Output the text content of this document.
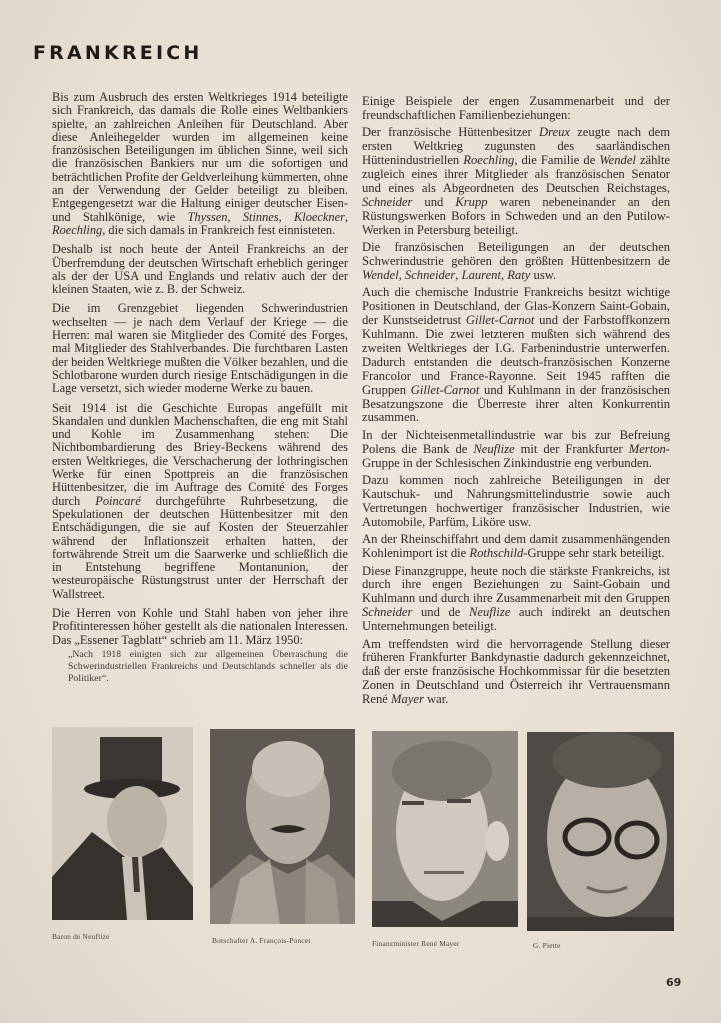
FRANKREICH

Bis zum Ausbruch des ersten Weltkrieges 1914 beteiligte sich Frankreich, das damals die Rolle eines Weltbankiers spielte, an zahlreichen Anleihen für Deutschland. Aber diese Anleihegelder wurden im allgemeinen keine französischen Beteiligungen im üblichen Sinne, weil sich die französischen Bankiers nur um die sofortigen und beträchtlichen Profite der Geldverleihung kümmerten, ohne an der Verwendung der Gelder beteiligt zu bleiben. Entgegengesetzt war die Haltung einiger deutscher Eisen- und Stahlkönige, wie Thyssen, Stinnes, Kloeckner, Roechling, die sich damals in Frankreich fest einnisteten.

Deshalb ist noch heute der Anteil Frankreichs an der Überfremdung der deutschen Wirtschaft erheblich geringer als der der USA und Englands und relativ auch der der kleinen Staaten, wie z. B. der Schweiz.

Die im Grenzgebiet liegenden Schwerindustrien wechselten — je nach dem Verlauf der Kriege — die Herren: mal waren sie Mitglieder des Comité des Forges, mal Mitglieder des Stahlverbandes. Die furchtbaren Lasten der beiden Weltkriege mußten die Völker bezahlen, und die Schlotbarone wurden durch riesige Entschädigungen in die Lage versetzt, sich wieder moderne Werke zu bauen.

Seit 1914 ist die Geschichte Europas angefüllt mit Skandalen und dunklen Machenschaften, die eng mit Stahl und Kohle im Zusammenhang stehen: Die Nichtbombardierung des Briey-Beckens während des ersten Weltkrieges, die Verschacherung der lothringischen Werke für einen Spottpreis an die französischen Hüttenbesitzer, die im Auftrage des Comité des Forges durch Poincaré durchgeführte Ruhrbesetzung, die Spekulationen der deutschen Hüttenbesitzer mit den Entschädigungen, die sie auf Kosten der Steuerzahler während der Inflationszeit erhalten hatten, der fortwährende Streit um die Saarwerke und schließlich die in Entstehung begriffene Montanunion, der westeuropäische Rüstungstrust unter der Herrschaft der Wallstreet.

Die Herren von Kohle und Stahl haben von jeher ihre Profitinteressen höher gestellt als die nationalen Interessen. Das „Essener Tagblatt“ schrieb am 11. März 1950:

„Nach 1918 einigten sich zur allgemeinen Überraschung die Schwerindustriellen Frankreichs und Deutschlands schneller als die Politiker“.

Einige Beispiele der engen Zusammenarbeit und der freundschaftlichen Familienbeziehungen:

Der französische Hüttenbesitzer Dreux zeugte nach dem ersten Weltkrieg zugunsten des saarländischen Hüttenindustriellen Roechling, die Familie de Wendel zählte zugleich eines ihrer Mitglieder als französischen Senator und eines als Abgeordneten des Deutschen Reichstages, Schneider und Krupp waren nebeneinander an den Rüstungswerken Bofors in Schweden und an den Putilow-Werken in Petersburg beteiligt.

Die französischen Beteiligungen an der deutschen Schwerindustrie gehören den größten Hüttenbesitzern de Wendel, Schneider, Laurent, Raty usw.

Auch die chemische Industrie Frankreichs besitzt wichtige Positionen in Deutschland, der Glas-Konzern Saint-Gobain, der Kunstseidetrust Gillet-Carnot und der Farbstoffkonzern Kuhlmann. Die zwei letzteren mußten sich während des zweiten Weltkrieges der I.G. Farbenindustrie unterwerfen. Dadurch entstanden die deutsch-französischen Konzerne Francolor und France-Rayonne. Seit 1945 rafften die Gruppen Gillet-Carnot und Kuhlmann in der französischen Besatzungszone die Überreste ihrer alten Konkurrentin zusammen.

In der Nichteisenmetallindustrie war bis zur Befreiung Polens die Bank de Neuflize mit der Frankfurter Merton-Gruppe in der Schlesischen Zinkindustrie eng verbunden.

Dazu kommen noch zahlreiche Beteiligungen in der Kautschuk- und Nahrungsmittelindustrie sowie auch Vertretungen hochwertiger französischer Industrien, wie Automobile, Parfüm, Liköre usw.

An der Rheinschiffahrt und dem damit zusammenhängenden Kohlenimport ist die Rothschild-Gruppe sehr stark beteiligt.

Diese Finanzgruppe, heute noch die stärkste Frankreichs, ist durch ihre engen Beziehungen zu Saint-Gobain und Kuhlmann und durch ihre Zusammenarbeit mit den Gruppen Schneider und de Neuflize auch indirekt an deutschen Unternehmungen beteiligt.

Am treffendsten wird die hervorragende Stellung dieser früheren Frankfurter Bankdynastie dadurch gekennzeichnet, daß der erste französische Hochkommissar für die besetzten Zonen in Deutschland und Österreich ihr Vertrauensmann René Mayer war.

Baron de Neuflize	Botschafter A. François-Poncet	Finanzminister René Mayer	G. Piette
69
